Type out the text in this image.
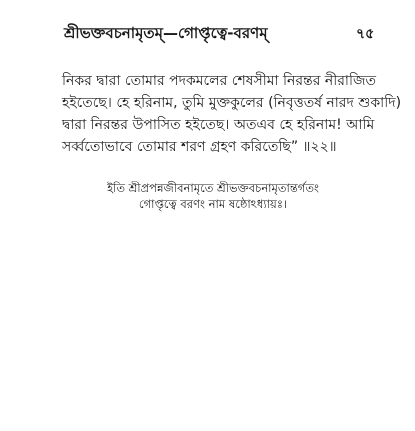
শ্রীভক্তবচনামৃতম্—গোপ্তৃত্বে-বরণম্	৭৫
নিকর দ্বারা তোমার পদকমলের শেষসীমা নিরন্তর নীরাজিত
হইতেছে। হে হরিনাম, তুমি মুক্তকুলের (নিবৃত্ততর্ষ নারদ শুকাদি)
দ্বারা নিরন্তর উপাসিত হইতেছ। অতএব হে হরিনাম! আমি
সর্ব্বতোভাবে তোমার শরণ গ্রহণ করিতেছি” ॥২২॥
ইতি শ্রীপ্রপন্নজীবনামৃতে শ্রীভক্তবচনামৃতান্তর্গতং
গোপ্তৃত্বে বরণং নাম ষষ্ঠোঽধ্যায়ঃ।
